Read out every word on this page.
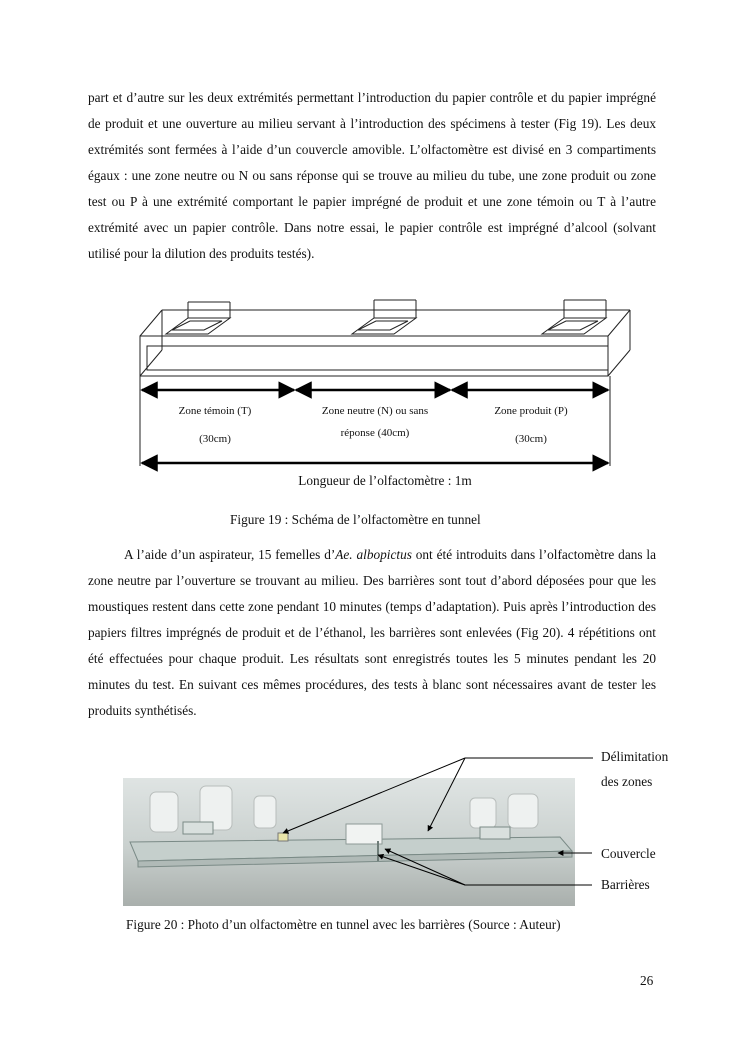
part et d’autre sur les deux extrémités permettant l’introduction du papier contrôle et du papier imprégné de produit et une ouverture au milieu servant à l’introduction des spécimens à tester (Fig 19). Les deux extrémités sont fermées à l’aide d’un couvercle amovible. L’olfactomètre est divisé en 3 compartiments égaux : une zone neutre ou N ou sans réponse qui se trouve au milieu du tube, une zone produit ou zone test ou P à une extrémité comportant le papier imprégné de produit et une zone témoin ou T à l’autre extrémité avec un papier contrôle. Dans notre essai, le papier contrôle est imprégné d’alcool (solvant utilisé pour la dilution des produits testés).

Zone témoin (T)
(30cm)
Zone neutre (N) ou sans
réponse (40cm)
Zone produit (P)
(30cm)
Longueur de l’olfactomètre : 1m
Figure 19 : Schéma de l’olfactomètre en tunnel

A l’aide d’un aspirateur, 15 femelles d’Ae. albopictus ont été introduits dans l’olfactomètre dans la zone neutre par l’ouverture se trouvant au milieu. Des barrières sont tout d’abord déposées pour que les moustiques restent dans cette zone pendant 10 minutes (temps d’adaptation). Puis après l’introduction des papiers filtres imprégnés de produit et de l’éthanol, les barrières sont enlevées (Fig 20). 4 répétitions ont été effectuées pour chaque produit. Les résultats sont enregistrés toutes les 5 minutes pendant les 20 minutes du test. En suivant ces mêmes procédures, des tests à blanc sont nécessaires avant de tester les produits synthétisés.

Délimitation
des zones
Couvercle
Barrières
Figure 20 : Photo d’un olfactomètre en tunnel avec les barrières (Source : Auteur)
26
